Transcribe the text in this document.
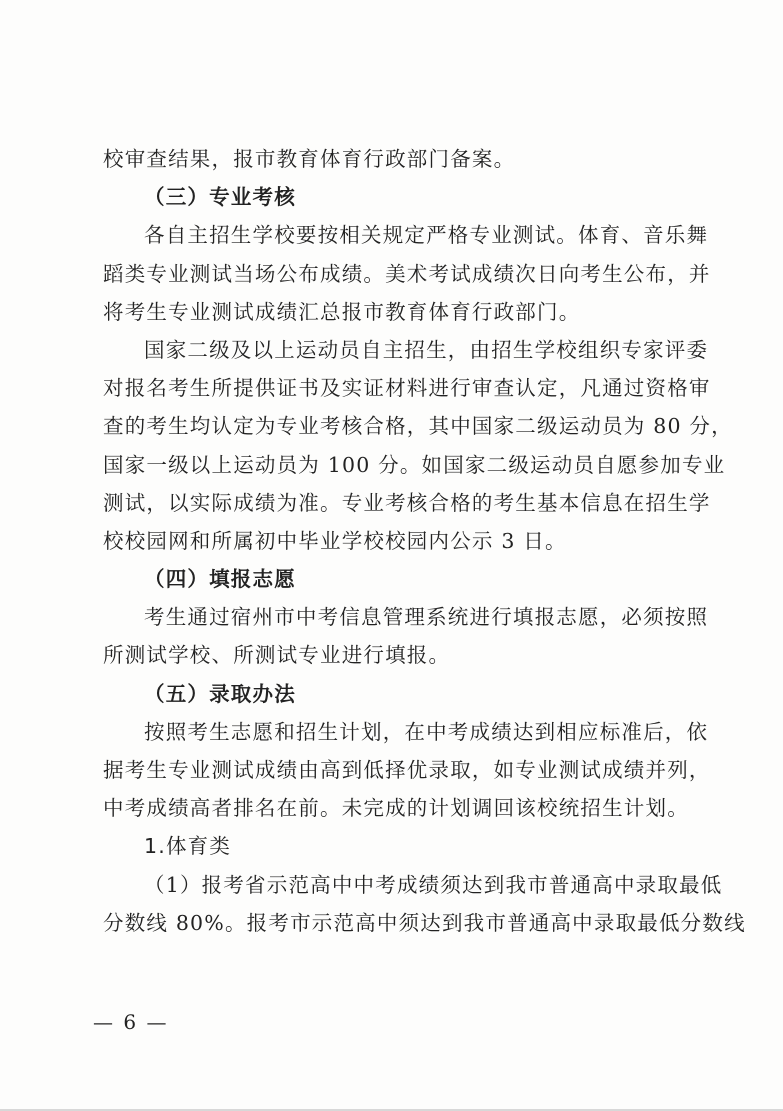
校审查结果，报市教育体育行政部门备案。
（三）专业考核
各自主招生学校要按相关规定严格专业测试。体育、音乐舞
蹈类专业测试当场公布成绩。美术考试成绩次日向考生公布，并
将考生专业测试成绩汇总报市教育体育行政部门。
国家二级及以上运动员自主招生，由招生学校组织专家评委
对报名考生所提供证书及实证材料进行审查认定，凡通过资格审
查的考生均认定为专业考核合格，其中国家二级运动员为 80 分，
国家一级以上运动员为 100 分。如国家二级运动员自愿参加专业
测试，以实际成绩为准。专业考核合格的考生基本信息在招生学
校校园网和所属初中毕业学校校园内公示 3 日。
（四）填报志愿
考生通过宿州市中考信息管理系统进行填报志愿，必须按照
所测试学校、所测试专业进行填报。
（五）录取办法
按照考生志愿和招生计划，在中考成绩达到相应标准后，依
据考生专业测试成绩由高到低择优录取，如专业测试成绩并列，
中考成绩高者排名在前。未完成的计划调回该校统招生计划。
1.体育类
（1）报考省示范高中中考成绩须达到我市普通高中录取最低
分数线 80%。报考市示范高中须达到我市普通高中录取最低分数线
— 6 —
